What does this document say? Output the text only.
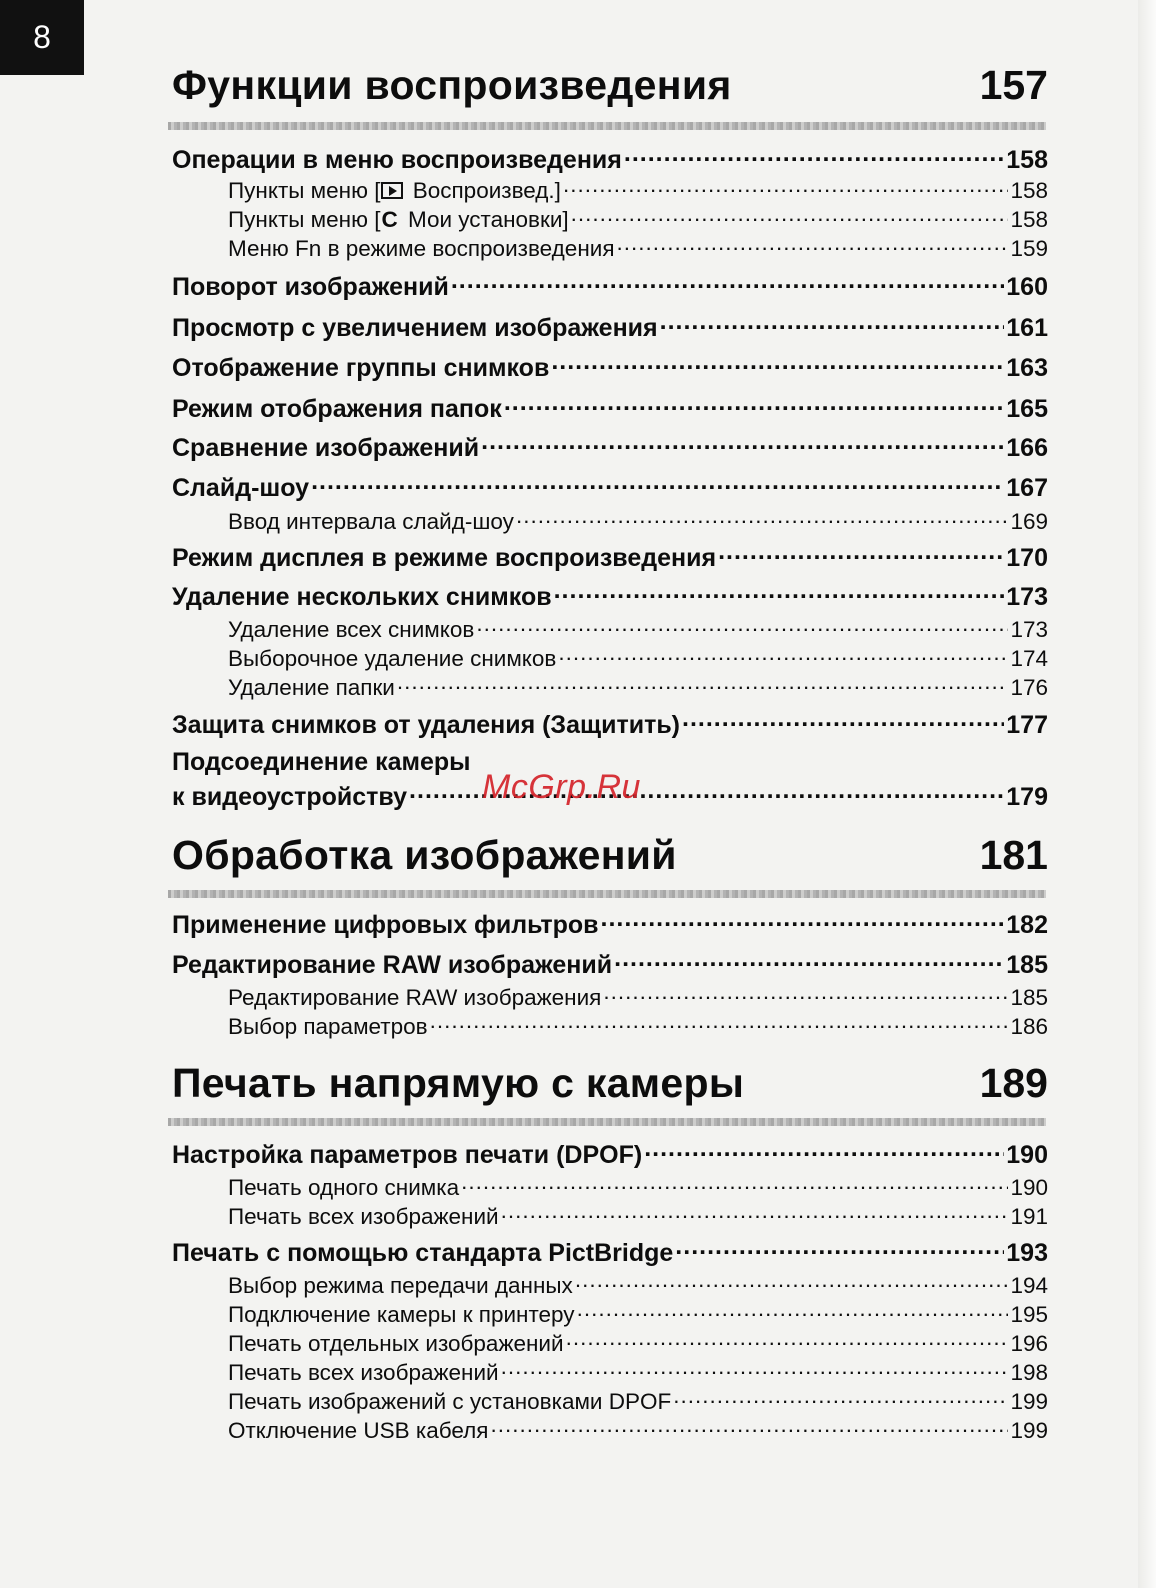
8
Функции воспроизведения	157
Операции в меню воспроизведения .....	158
Пункты меню [ Воспроизвед.] .....	158
Пункты меню [C Мои установки] .....	158
Меню Fn в режиме воспроизведения .....	159
Поворот изображений .....	160
Просмотр с увеличением изображения .....	161
Отображение группы снимков .....	163
Режим отображения папок .....	165
Сравнение изображений .....	166
Слайд-шоу .....	167
Ввод интервала слайд-шоу .....	169
Режим дисплея в режиме воспроизведения .....	170
Удаление нескольких снимков .....	173
Удаление всех снимков .....	173
Выборочное удаление снимков .....	174
Удаление папки .....	176
Защита снимков от удаления (Защитить) .....	177
Подсоединение камеры
к видеоустройству .....	179
Обработка изображений	181
Применение цифровых фильтров .....	182
Редактирование RAW изображений .....	185
Редактирование RAW изображения .....	185
Выбор параметров .....	186
Печать напрямую с камеры	189
Настройка параметров печати (DPOF) .....	190
Печать одного снимка .....	190
Печать всех изображений .....	191
Печать с помощью стандарта PictBridge .....	193
Выбор режима передачи данных .....	194
Подключение камеры к принтеру .....	195
Печать отдельных изображений .....	196
Печать всех изображений .....	198
Печать изображений с установками DPOF .....	199
Отключение USB кабеля .....	199
McGrp.Ru
